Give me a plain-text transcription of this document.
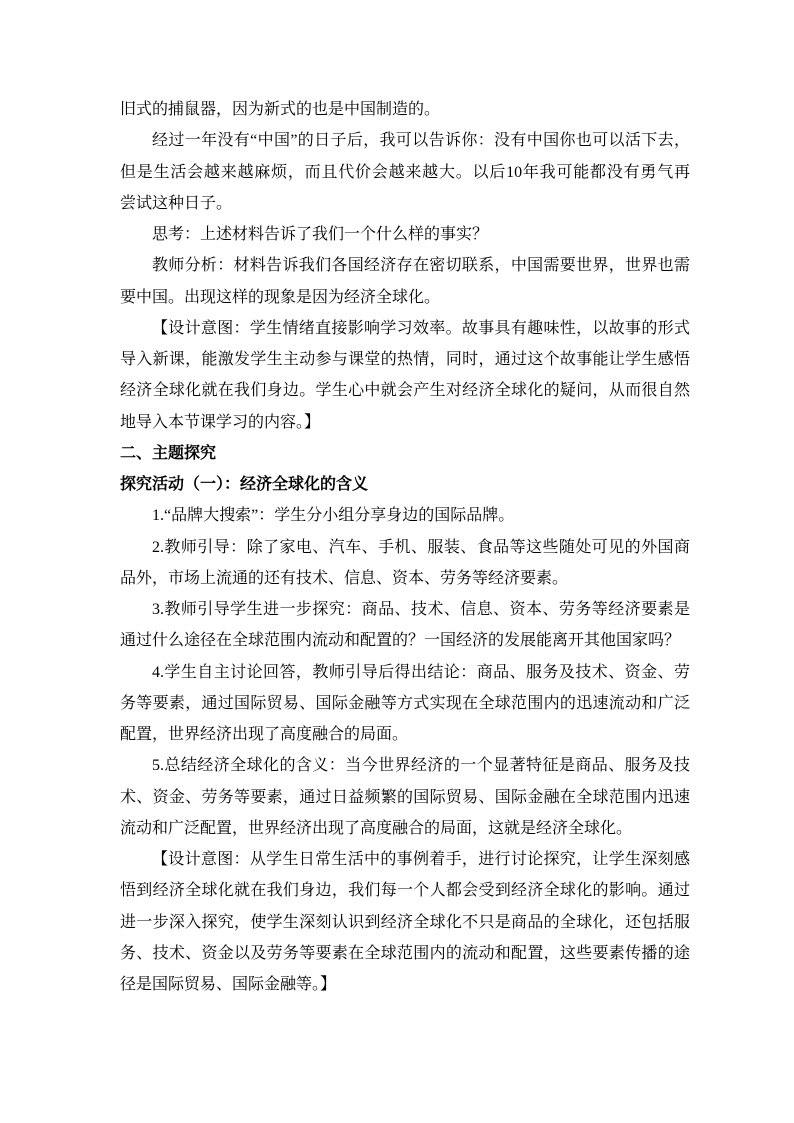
旧式的捕鼠器，因为新式的也是中国制造的。
经过一年没有“中国”的日子后，我可以告诉你：没有中国你也可以活下去，
但是生活会越来越麻烦，而且代价会越来越大。以后10年我可能都没有勇气再
尝试这种日子。
思考：上述材料告诉了我们一个什么样的事实？
教师分析：材料告诉我们各国经济存在密切联系，中国需要世界，世界也需
要中国。出现这样的现象是因为经济全球化。
【设计意图：学生情绪直接影响学习效率。故事具有趣味性，以故事的形式
导入新课，能激发学生主动参与课堂的热情，同时，通过这个故事能让学生感悟
经济全球化就在我们身边。学生心中就会产生对经济全球化的疑问，从而很自然
地导入本节课学习的内容。】
二、主题探究
探究活动（一）：经济全球化的含义
1.“品牌大搜索”：学生分小组分享身边的国际品牌。
2.教师引导：除了家电、汽车、手机、服装、食品等这些随处可见的外国商
品外，市场上流通的还有技术、信息、资本、劳务等经济要素。
3.教师引导学生进一步探究：商品、技术、信息、资本、劳务等经济要素是
通过什么途径在全球范围内流动和配置的？一国经济的发展能离开其他国家吗？
4.学生自主讨论回答，教师引导后得出结论：商品、服务及技术、资金、劳
务等要素，通过国际贸易、国际金融等方式实现在全球范围内的迅速流动和广泛
配置，世界经济出现了高度融合的局面。
5.总结经济全球化的含义：当今世界经济的一个显著特征是商品、服务及技
术、资金、劳务等要素，通过日益频繁的国际贸易、国际金融在全球范围内迅速
流动和广泛配置，世界经济出现了高度融合的局面，这就是经济全球化。
【设计意图：从学生日常生活中的事例着手，进行讨论探究，让学生深刻感
悟到经济全球化就在我们身边，我们每一个人都会受到经济全球化的影响。通过
进一步深入探究，使学生深刻认识到经济全球化不只是商品的全球化，还包括服
务、技术、资金以及劳务等要素在全球范围内的流动和配置，这些要素传播的途
径是国际贸易、国际金融等。】
